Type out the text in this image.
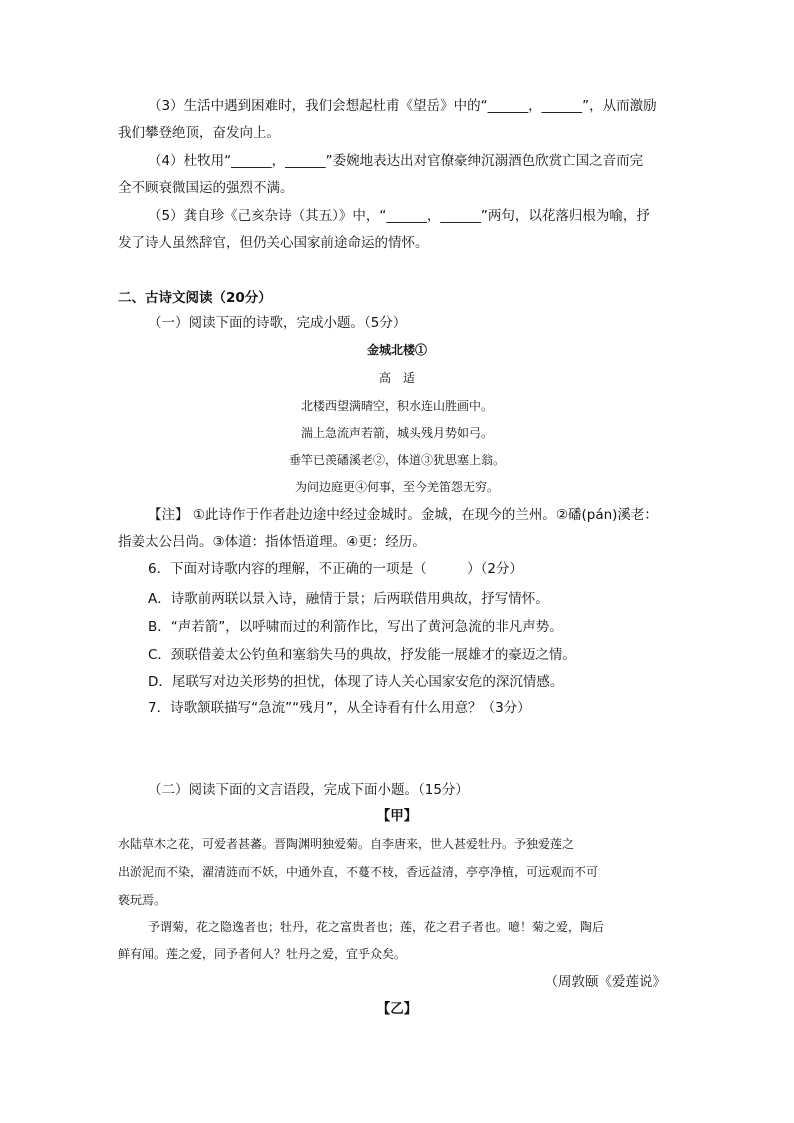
（3）生活中遇到困难时，我们会想起杜甫《望岳》中的“______，______”，从而激励
我们攀登绝顶，奋发向上。
（4）杜牧用“______，______”委婉地表达出对官僚豪绅沉溺酒色欣赏亡国之音而完
全不顾衰微国运的强烈不满。
（5）龚自珍《己亥杂诗（其五）》中，“______，______”两句，以花落归根为喻，抒
发了诗人虽然辞官，但仍关心国家前途命运的情怀。
二、古诗文阅读（20分）
（一）阅读下面的诗歌，完成小题。（5分）
金城北楼①
高　适
北楼西望满晴空，积水连山胜画中。
湍上急流声若箭，城头残月势如弓。
垂竿已羡磻溪老②，体道③犹思塞上翁。
为问边庭更④何事，至今羌笛怨无穷。
【注】 ①此诗作于作者赴边途中经过金城时。金城，在现今的兰州。②磻(pán)溪老：
指姜太公吕尚。③体道：指体悟道理。④更：经历。
6．下面对诗歌内容的理解，不正确的一项是（　　　）（2分）
A．诗歌前两联以景入诗，融情于景；后两联借用典故，抒写情怀。
B．“声若箭”，以呼啸而过的利箭作比，写出了黄河急流的非凡声势。
C．颈联借姜太公钓鱼和塞翁失马的典故，抒发能一展雄才的豪迈之情。
D．尾联写对边关形势的担忧，体现了诗人关心国家安危的深沉情感。
7．诗歌颔联描写“急流”“残月”，从全诗看有什么用意？（3分）
（二）阅读下面的文言语段，完成下面小题。（15分）
【甲】
水陆草木之花，可爱者甚蕃。晋陶渊明独爱菊。自李唐来，世人甚爱牡丹。予独爱莲之
出淤泥而不染，濯清涟而不妖，中通外直，不蔓不枝，香远益清，亭亭净植，可远观而不可
亵玩焉。
予谓菊，花之隐逸者也；牡丹，花之富贵者也；莲，花之君子者也。噫！菊之爱，陶后
鲜有闻。莲之爱，同予者何人？牡丹之爱，宜乎众矣。
（周敦颐《爱莲说》
【乙】
